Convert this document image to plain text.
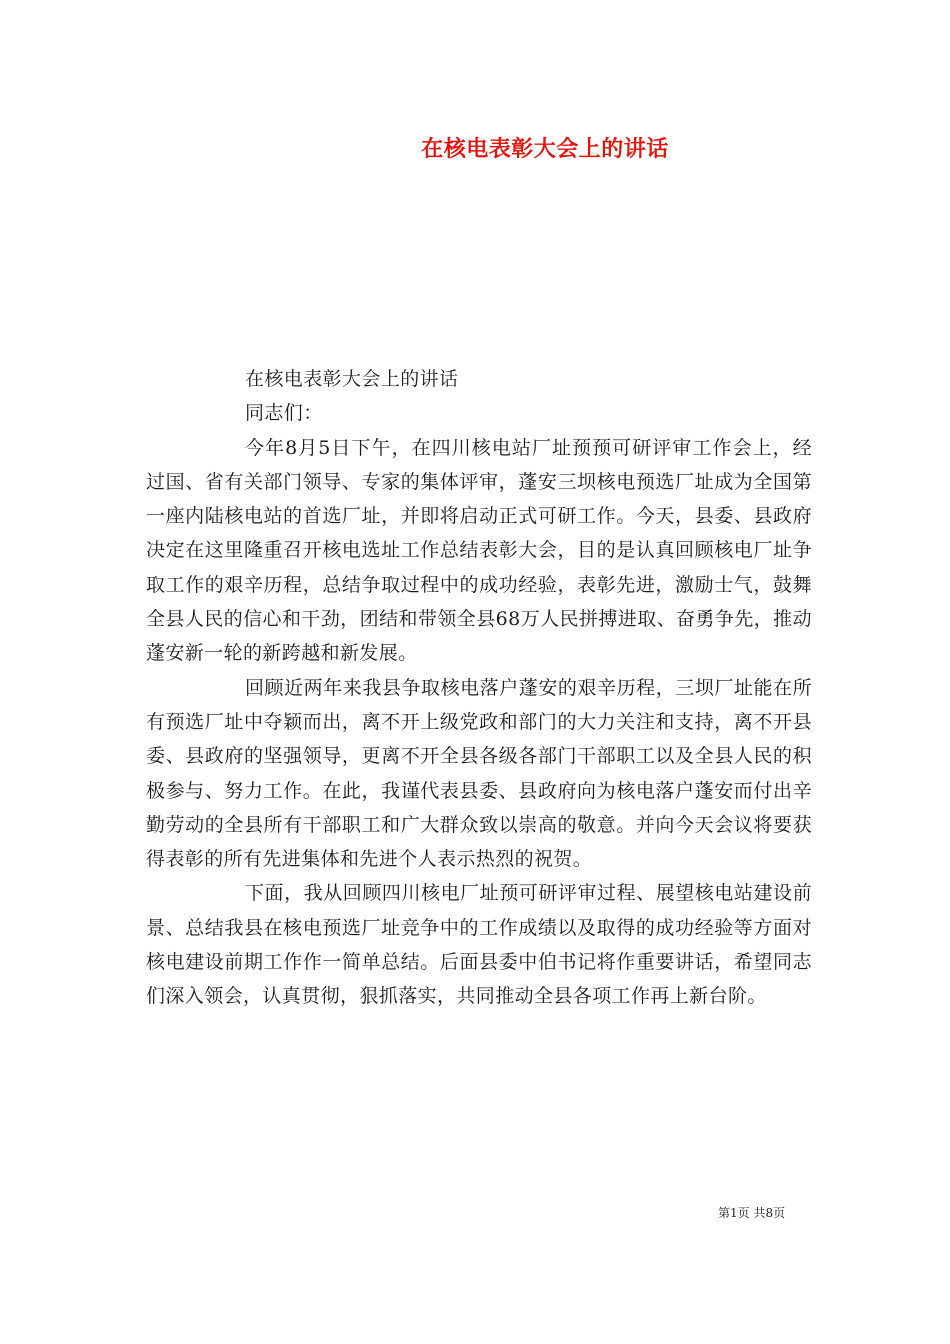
在核电表彰大会上的讲话

在核电表彰大会上的讲话

同志们：

今年8月5日下午，在四川核电站厂址预预可研评审工作会上，经过国、省有关部门领导、专家的集体评审，蓬安三坝核电预选厂址成为全国第一座内陆核电站的首选厂址，并即将启动正式可研工作。今天，县委、县政府决定在这里隆重召开核电选址工作总结表彰大会，目的是认真回顾核电厂址争取工作的艰辛历程，总结争取过程中的成功经验，表彰先进，激励士气，鼓舞全县人民的信心和干劲，团结和带领全县68万人民拼搏进取、奋勇争先，推动蓬安新一轮的新跨越和新发展。

回顾近两年来我县争取核电落户蓬安的艰辛历程，三坝厂址能在所有预选厂址中夺颖而出，离不开上级党政和部门的大力关注和支持，离不开县委、县政府的坚强领导，更离不开全县各级各部门干部职工以及全县人民的积极参与、努力工作。在此，我谨代表县委、县政府向为核电落户蓬安而付出辛勤劳动的全县所有干部职工和广大群众致以崇高的敬意。并向今天会议将要获得表彰的所有先进集体和先进个人表示热烈的祝贺。

下面，我从回顾四川核电厂址预可研评审过程、展望核电站建设前景、总结我县在核电预选厂址竞争中的工作成绩以及取得的成功经验等方面对核电建设前期工作作一简单总结。后面县委中伯书记将作重要讲话，希望同志们深入领会，认真贯彻，狠抓落实，共同推动全县各项工作再上新台阶。

第1页 共8页
